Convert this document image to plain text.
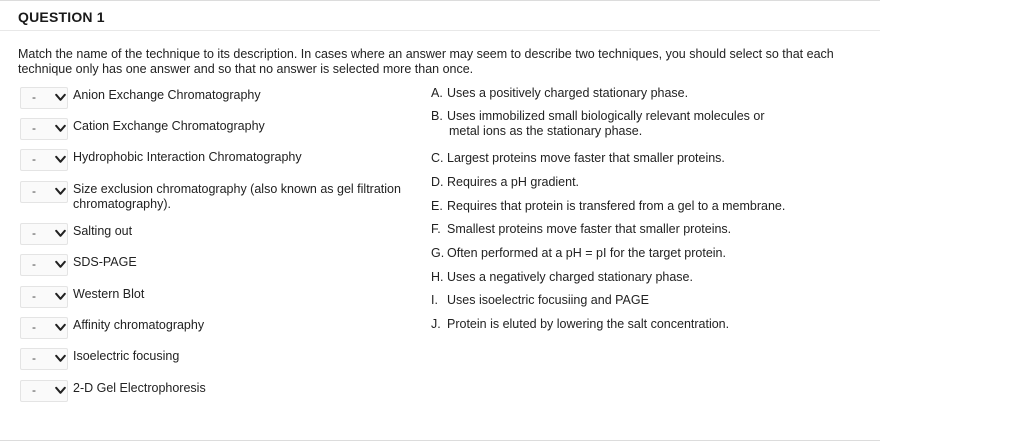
QUESTION 1
Match the name of the technique to its description. In cases where an answer may seem to describe two techniques, you should select so that each technique only has one answer and so that no answer is selected more than once.
-	Anion Exchange Chromatography
-	Cation Exchange Chromatography
-	Hydrophobic Interaction Chromatography
-	Size exclusion chromatography (also known as gel filtration chromatography).
-	Salting out
-	SDS-PAGE
-	Western Blot
-	Affinity chromatography
-	Isoelectric focusing
-	2-D Gel Electrophoresis
A. Uses a positively charged stationary phase.
B. Uses immobilized small biologically relevant molecules or
metal ions as the stationary phase.
C. Largest proteins move faster that smaller proteins.
D. Requires a pH gradient.
E. Requires that protein is transfered from a gel to a membrane.
F. Smallest proteins move faster that smaller proteins.
G. Often performed at a pH = pI for the target protein.
H. Uses a negatively charged stationary phase.
I. Uses isoelectric focusiing and PAGE
J. Protein is eluted by lowering the salt concentration.
